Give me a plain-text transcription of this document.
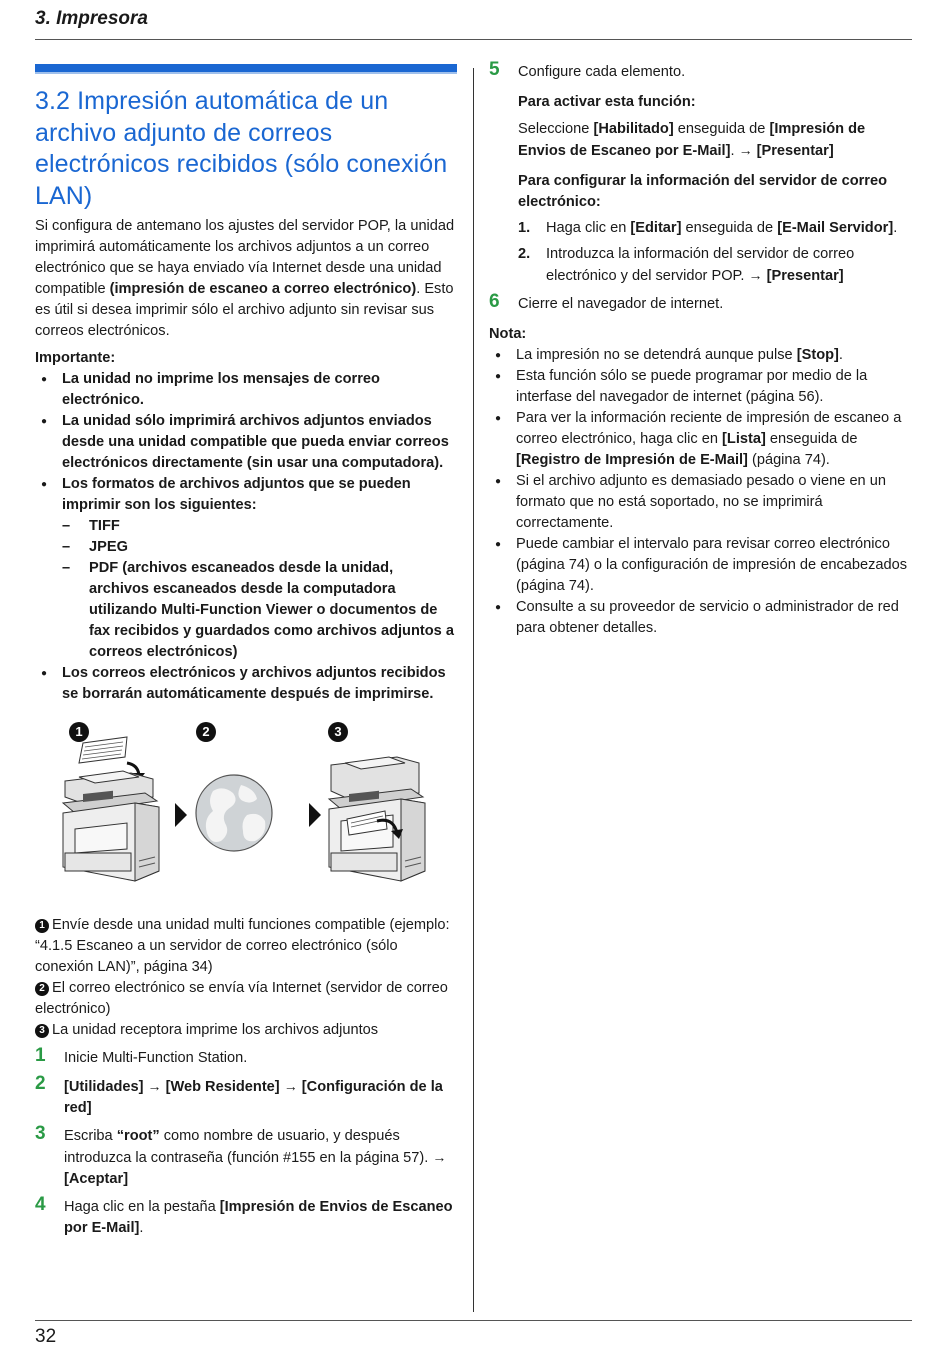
3. Impresora
3.2 Impresión automática de un archivo adjunto de correos electrónicos recibidos (sólo conexión LAN)

Si configura de antemano los ajustes del servidor POP, la unidad imprimirá automáticamente los archivos adjuntos a un correo electrónico que se haya enviado vía Internet desde una unidad compatible (impresión de escaneo a correo electrónico). Esto es útil si desea imprimir sólo el archivo adjunto sin revisar sus correos electrónicos.

Importante:
● La unidad no imprime los mensajes de correo electrónico.
● La unidad sólo imprimirá archivos adjuntos enviados desde una unidad compatible que pueda enviar correos electrónicos directamente (sin usar una computadora).
● Los formatos de archivos adjuntos que se pueden imprimir son los siguientes:
– TIFF
– JPEG
– PDF (archivos escaneados desde la unidad, archivos escaneados desde la computadora utilizando Multi-Function Viewer o documentos de fax recibidos y guardados como archivos adjuntos a correos electrónicos)
● Los correos electrónicos y archivos adjuntos recibidos se borrarán automáticamente después de imprimirse.
1	2	3

1 Envíe desde una unidad multi funciones compatible (ejemplo: “4.1.5 Escaneo a un servidor de correo electrónico (sólo conexión LAN)”, página 34)

2 El correo electrónico se envía vía Internet (servidor de correo electrónico)

3 La unidad receptora imprime los archivos adjuntos

1 Inicie Multi-Function Station.
2 [Utilidades] → [Web Residente] → [Configuración de la red]
3 Escriba “root” como nombre de usuario, y después introduzca la contraseña (función #155 en la página 57). → [Aceptar]
4 Haga clic en la pestaña [Impresión de Envios de Escaneo por E-Mail].
5 Configure cada elemento.
Para activar esta función:
Seleccione [Habilitado] enseguida de [Impresión de Envios de Escaneo por E-Mail]. → [Presentar]
Para configurar la información del servidor de correo electrónico:
1. Haga clic en [Editar] enseguida de [E-Mail Servidor].
2. Introduzca la información del servidor de correo electrónico y del servidor POP. → [Presentar]
6 Cierre el navegador de internet.
Nota:
● La impresión no se detendrá aunque pulse [Stop].
● Esta función sólo se puede programar por medio de la interfase del navegador de internet (página 56).
● Para ver la información reciente de impresión de escaneo a correo electrónico, haga clic en [Lista] enseguida de [Registro de Impresión de E-Mail] (página 74).
● Si el archivo adjunto es demasiado pesado o viene en un formato que no está soportado, no se imprimirá correctamente.
● Puede cambiar el intervalo para revisar correo electrónico (página 74) o la configuración de impresión de encabezados (página 74).
● Consulte a su proveedor de servicio o administrador de red para obtener detalles.
32
